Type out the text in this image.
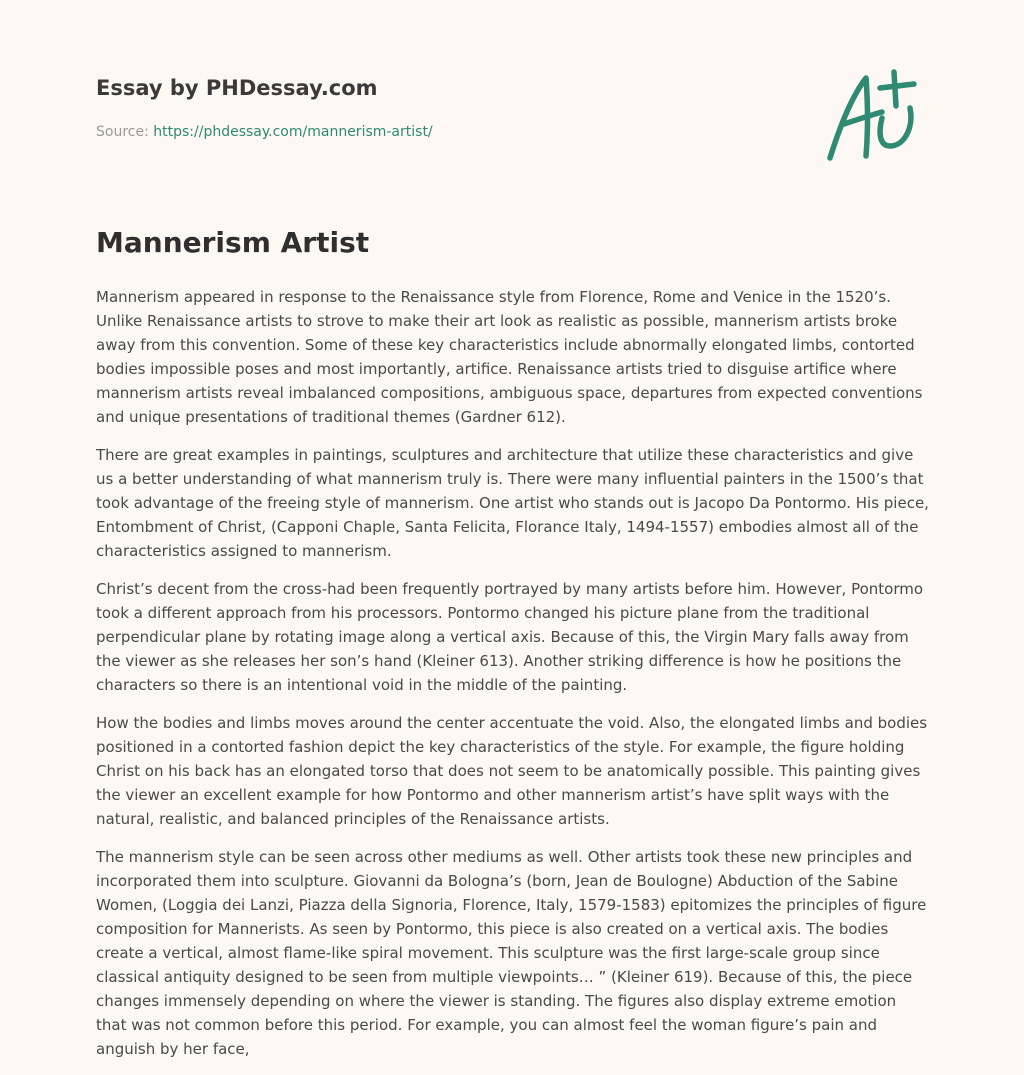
Essay by PHDessay.com
Source: https://phdessay.com/mannerism-artist/
Mannerism Artist

Mannerism appeared in response to the Renaissance style from Florence, Rome and Venice in the 1520’s. Unlike Renaissance artists to strove to make their art look as realistic as possible, mannerism artists broke away from this convention. Some of these key characteristics include abnormally elongated limbs, contorted bodies impossible poses and most importantly, artifice. Renaissance artists tried to disguise artifice where mannerism artists reveal imbalanced compositions, ambiguous space, departures from expected conventions and unique presentations of traditional themes (Gardner 612).

There are great examples in paintings, sculptures and architecture that utilize these characteristics and give us a better understanding of what mannerism truly is. There were many influential painters in the 1500’s that took advantage of the freeing style of mannerism. One artist who stands out is Jacopo Da Pontormo. His piece, Entombment of Christ, (Capponi Chaple, Santa Felicita, Florance Italy, 1494-1557) embodies almost all of the characteristics assigned to mannerism.

Christ’s decent from the cross-had been frequently portrayed by many artists before him. However, Pontormo took a different approach from his processors. Pontormo changed his picture plane from the traditional perpendicular plane by rotating image along a vertical axis. Because of this, the Virgin Mary falls away from the viewer as she releases her son’s hand (Kleiner 613). Another striking difference is how he positions the characters so there is an intentional void in the middle of the painting.

How the bodies and limbs moves around the center accentuate the void. Also, the elongated limbs and bodies positioned in a contorted fashion depict the key characteristics of the style. For example, the figure holding Christ on his back has an elongated torso that does not seem to be anatomically possible. This painting gives the viewer an excellent example for how Pontormo and other mannerism artist’s have split ways with the natural, realistic, and balanced principles of the Renaissance artists.

The mannerism style can be seen across other mediums as well. Other artists took these new principles and incorporated them into sculpture. Giovanni da Bologna’s (born, Jean de Boulogne) Abduction of the Sabine Women, (Loggia dei Lanzi, Piazza della Signoria, Florence, Italy, 1579-1583) epitomizes the principles of figure composition for Mannerists. As seen by Pontormo, this piece is also created on a vertical axis. The bodies create a vertical, almost flame-like spiral movement. This sculpture was the first large-scale group since classical antiquity designed to be seen from multiple viewpoints… ” (Kleiner 619). Because of this, the piece changes immensely depending on where the viewer is standing. The figures also display extreme emotion that was not common before this period. For example, you can almost feel the woman figure’s pain and anguish by her face,
